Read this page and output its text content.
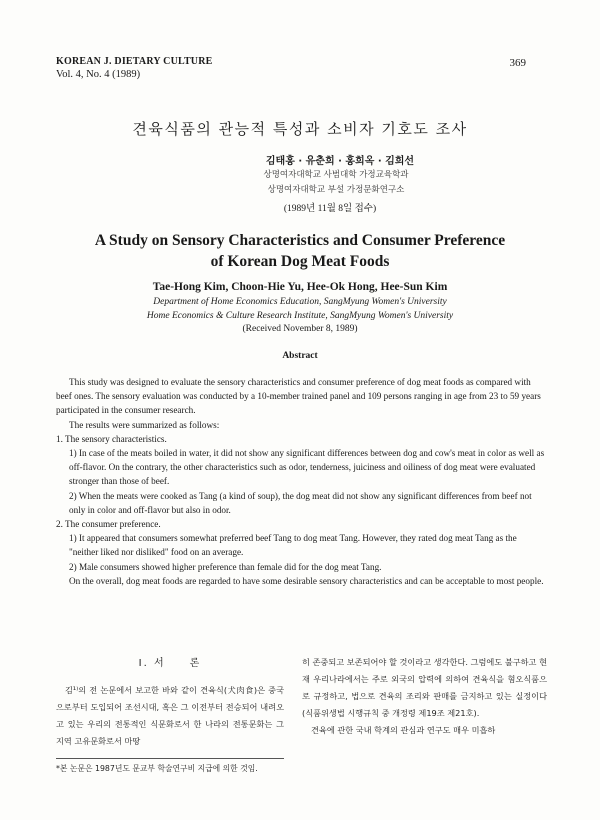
KOREAN J. DIETARY CULTURE
Vol. 4, No. 4 (1989)
369
견육식품의 관능적 특성과 소비자 기호도 조사
김태홍 · 유춘희 · 홍희옥 · 김희선
상명여자대학교 사범대학 가정교육학과
상명여자대학교 부설 가정문화연구소
(1989년 11월 8일 접수)
A Study on Sensory Characteristics and Consumer Preference
of Korean Dog Meat Foods
Tae-Hong Kim, Choon-Hie Yu, Hee-Ok Hong, Hee-Sun Kim
Department of Home Economics Education, SangMyung Women's University
Home Economics & Culture Research Institute, SangMyung Women's University
(Received November 8, 1989)
Abstract

This study was designed to evaluate the sensory characteristics and consumer preference of dog meat foods as compared with beef ones. The sensory evaluation was conducted by a 10-member trained panel and 109 persons ranging in age from 23 to 59 years participated in the consumer research.

The results were summarized as follows:

1. The sensory characteristics.

1) In case of the meats boiled in water, it did not show any significant differences between dog and cow's meat in color as well as off-flavor. On the contrary, the other characteristics such as odor, tenderness, juiciness and oiliness of dog meat were evaluated stronger than those of beef.

2) When the meats were cooked as Tang (a kind of soup), the dog meat did not show any significant differences from beef not only in color and off-flavor but also in odor.

2. The consumer preference.

1) It appeared that consumers somewhat preferred beef Tang to dog meat Tang. However, they rated dog meat Tang as the "neither liked nor disliked" food on an average.

2) Male consumers showed higher preference than female did for the dog meat Tang.

On the overall, dog meat foods are regarded to have some desirable sensory characteristics and can be acceptable to most people.

I. 서　　론

김¹⁾의 전 논문에서 보고한 바와 같이 견육식(犬肉食)은 중국으로부터 도입되어 조선시대, 혹은 그 이전부터 전승되어 내려오고 있는 우리의 전통적인 식문화로서 한 나라의 전통문화는 그 지역 고유문화로서 마땅

히 존중되고 보존되어야 할 것이라고 생각한다. 그럼에도 불구하고 현재 우리나라에서는 주로 외국의 압력에 의하여 견육식을 혐오식품으로 규정하고, 법으로 견육의 조리와 판매를 금지하고 있는 실정이다(식품위생법 시행규칙 중 개정령 제19조 제21호).

견육에 관한 국내 학계의 관심과 연구도 매우 미흡하

*본 논문은 1987년도 문교부 학술연구비 지급에 의한 것임.
